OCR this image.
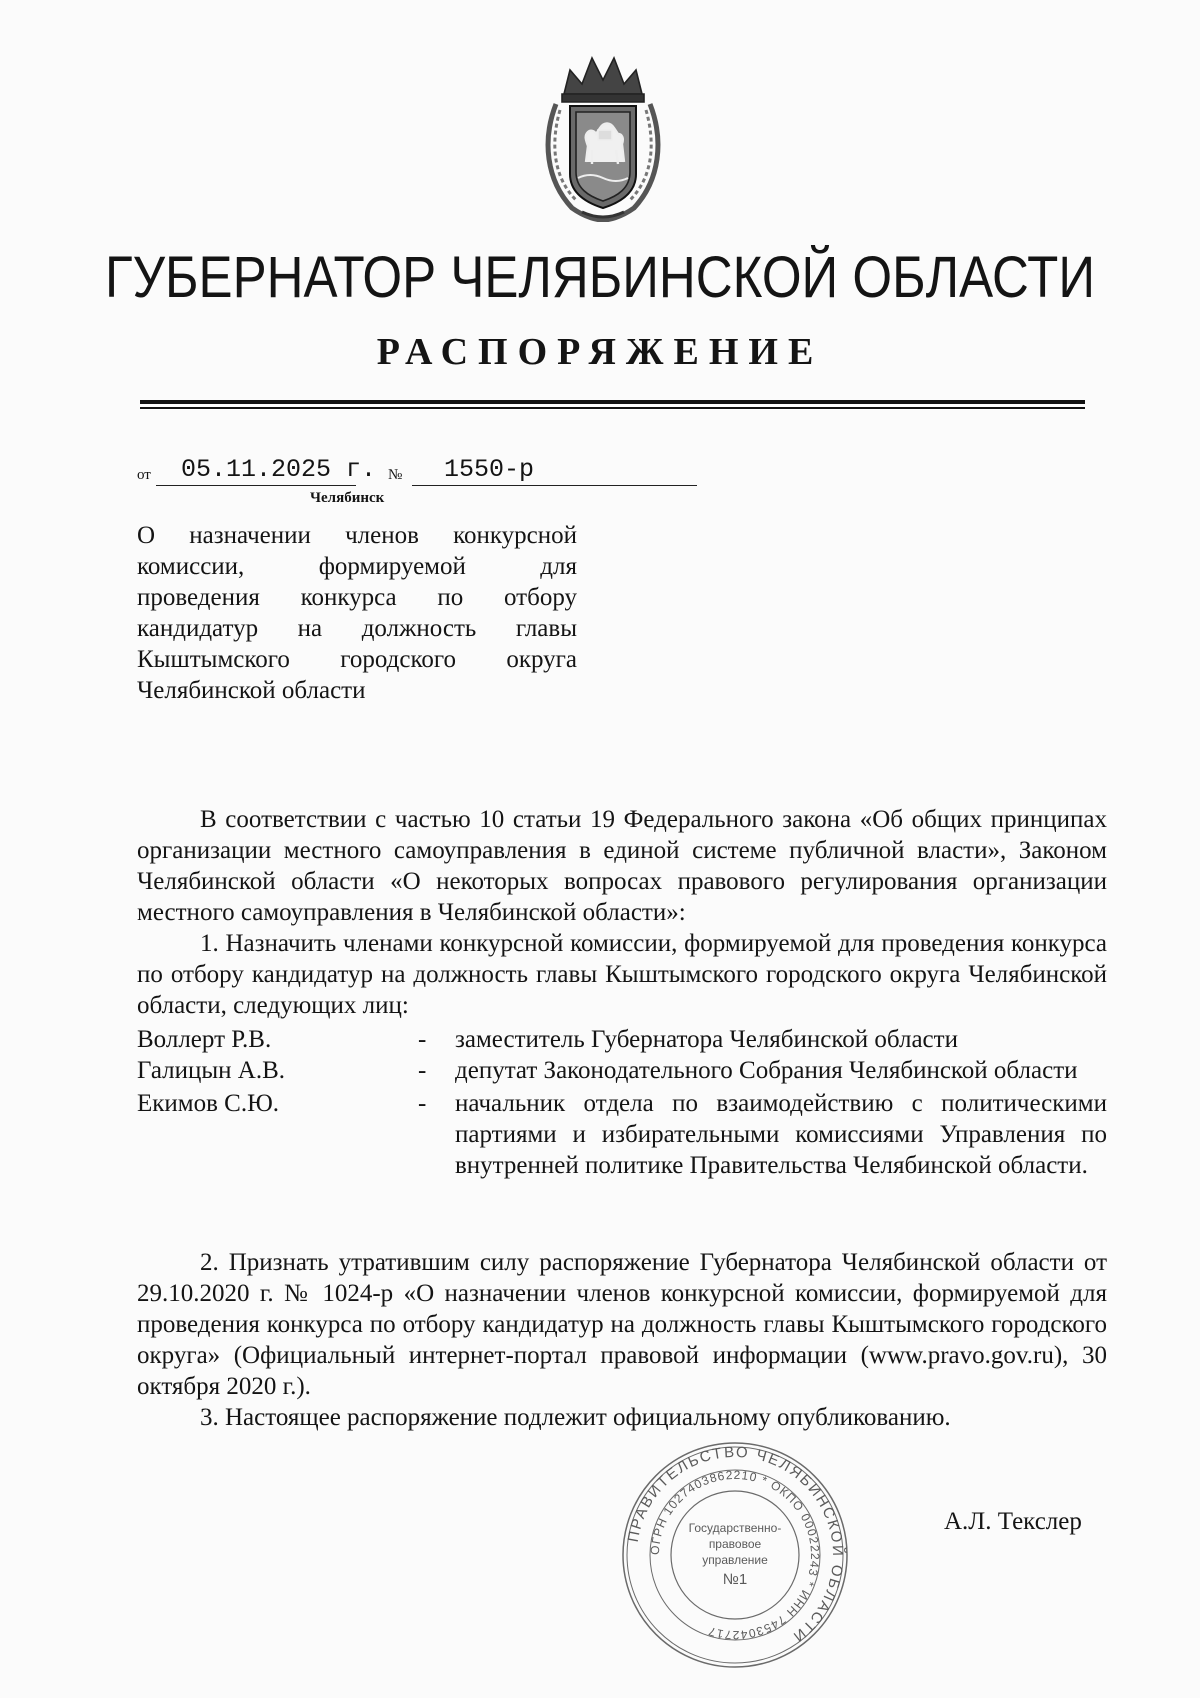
ГУБЕРНАТОР ЧЕЛЯБИНСКОЙ ОБЛАСТИ
РАСПОРЯЖЕНИЕ
от 05.11.2025 г. № 1550-р
Челябинск
О назначении членов конкурсной
комиссии, формируемой для
проведения конкурса по отбору
кандидатур на должность главы
Кыштымского городского округа
Челябинской области

В соответствии с частью 10 статьи 19 Федерального закона «Об общих принципах организации местного самоуправления в единой системе публичной власти», Законом Челябинской области «О некоторых вопросах правового регулирования организации местного самоуправления в Челябинской области»:

1. Назначить членами конкурсной комиссии, формируемой для проведения конкурса по отбору кандидатур на должность главы Кыштымского городского округа Челябинской области, следующих лиц:

Воллерт Р.В.	- заместитель Губернатора Челябинской области
Галицын А.В.	- депутат Законодательного Собрания Челябинской области
Екимов С.Ю.	- начальник отдела по взаимодействию с политическими партиями и избирательными комиссиями Управления по внутренней политике Правительства Челябинской области.

2. Признать утратившим силу распоряжение Губернатора Челябинской области от 29.10.2020 г. № 1024-р «О назначении членов конкурсной комиссии, формируемой для проведения конкурса по отбору кандидатур на должность главы Кыштымского городского округа» (Официальный интернет-портал правовой информации (www.pravo.gov.ru), 30 октября 2020 г.).

3. Настоящее распоряжение подлежит официальному опубликованию.

ПРАВИТЕЛЬСТВО ЧЕЛЯБИНСКОЙ ОБЛАСТИ
ОГРН 1027403862210 * ОКПО 00022243 * ИНН 7453042717
Государственно-
правовое
управление
№1
А.Л. Текслер
